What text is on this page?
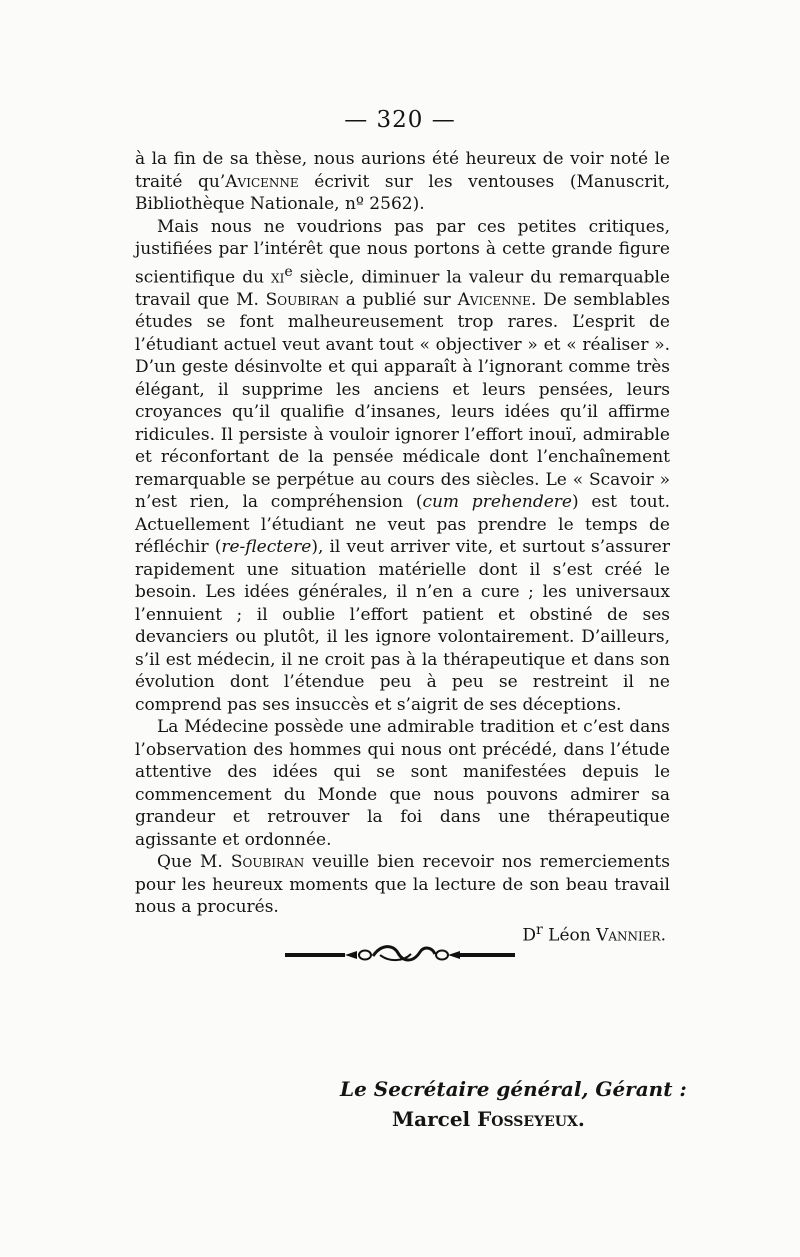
— 320 —

à la fin de sa thèse, nous aurions été heureux de voir noté le traité qu’Avicenne écrivit sur les ventouses (Manuscrit, Bibliothèque Nationale, nº 2562).

Mais nous ne voudrions pas par ces petites critiques, justifiées par l’intérêt que nous portons à cette grande figure scientifique du $xi^e$ siècle, diminuer la valeur du remarquable travail que M. Soubiran a publié sur Avicenne. De semblables études se font malheureusement trop rares. L’esprit de l’étudiant actuel veut avant tout « objectiver » et « réaliser ». D’un geste désinvolte et qui apparaît à l’ignorant comme très élégant, il supprime les anciens et leurs pensées, leurs croyances qu’il qualifie d’insanes, leurs idées qu’il affirme ridicules. Il persiste à vouloir ignorer l’effort inouï, admirable et réconfortant de la pensée médicale dont l’enchaînement remarquable se perpétue au cours des siècles. Le « Scavoir » n’est rien, la compréhension (cum prehendere) est tout. Actuellement l’étudiant ne veut pas prendre le temps de réfléchir (re-flectere), il veut arriver vite, et surtout s’assurer rapidement une situation matérielle dont il s’est créé le besoin. Les idées générales, il n’en a cure ; les universaux l’ennuient ; il oublie l’effort patient et obstiné de ses devanciers ou plutôt, il les ignore volontairement. D’ailleurs, s’il est médecin, il ne croit pas à la thérapeutique et dans son évolution dont l’étendue peu à peu se restreint il ne comprend pas ses insuccès et s’aigrit de ses déceptions.

La Médecine possède une admirable tradition et c’est dans l’observation des hommes qui nous ont précédé, dans l’étude attentive des idées qui se sont manifestées depuis le commencement du Monde que nous pouvons admirer sa grandeur et retrouver la foi dans une thérapeutique agissante et ordonnée.

Que M. Soubiran veuille bien recevoir nos remerciements pour les heureux moments que la lecture de son beau travail nous a procurés.

$D^r$ Léon Vannier.

Le Secrétaire général, Gérant :
Marcel Fosseyeux.
